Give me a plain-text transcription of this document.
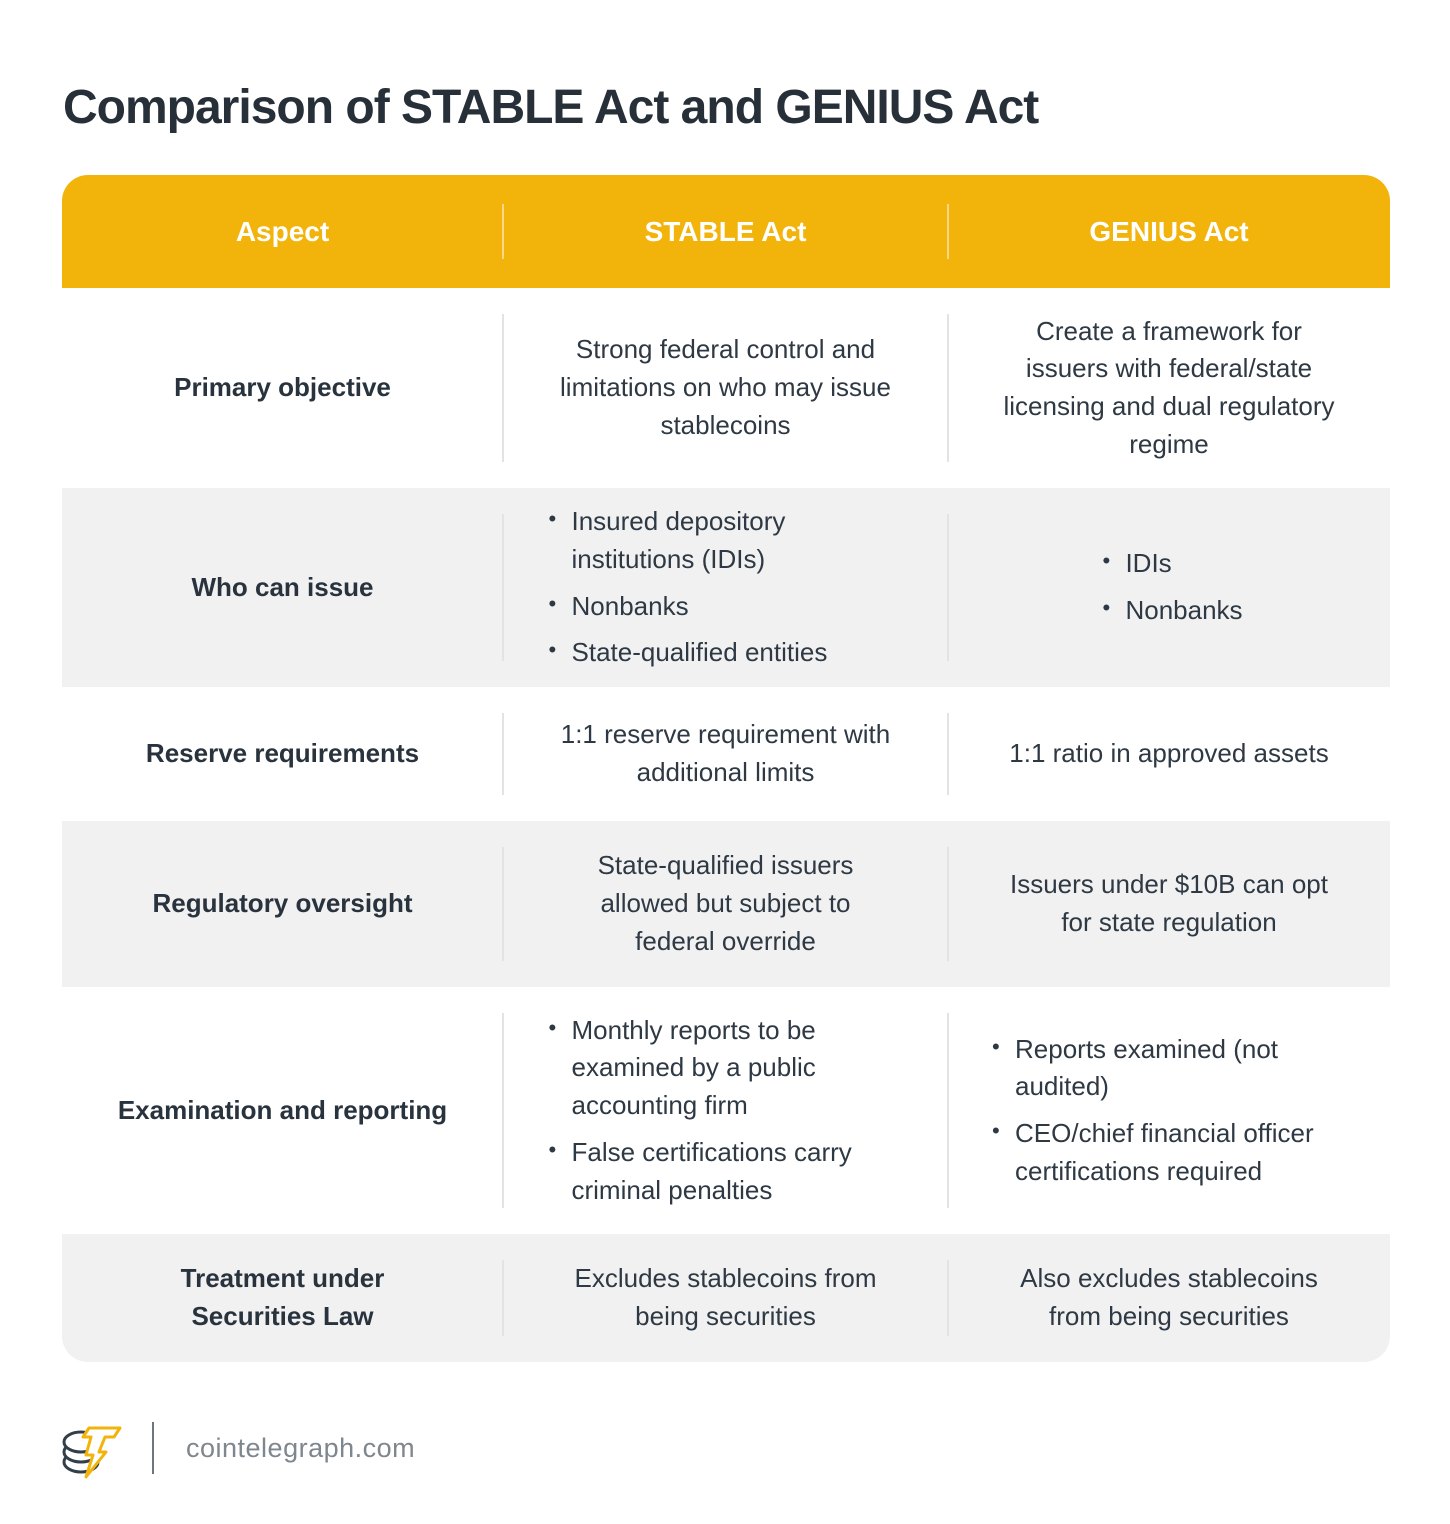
Comparison of STABLE Act and GENIUS Act
Aspect	STABLE Act	GENIUS Act
Primary objective

Strong federal control and limitations on who may issue stablecoins

Create a framework for issuers with federal/state licensing and dual regulatory regime

Who can issue
• Insured depository institutions (IDIs)
• Nonbanks
• State-qualified entities
• IDIs
• Nonbanks
Reserve requirements

1:1 reserve requirement with additional limits

1:1 ratio in approved assets

Regulatory oversight

State-qualified issuers allowed but subject to federal override

Issuers under $10B can opt for state regulation

Examination and reporting
• Monthly reports to be examined by a public accounting firm
• False certifications carry criminal penalties
• Reports examined (not audited)
• CEO/chief financial officer certifications required
Treatment under Securities Law

Excludes stablecoins from being securities

Also excludes stablecoins from being securities

cointelegraph.com
